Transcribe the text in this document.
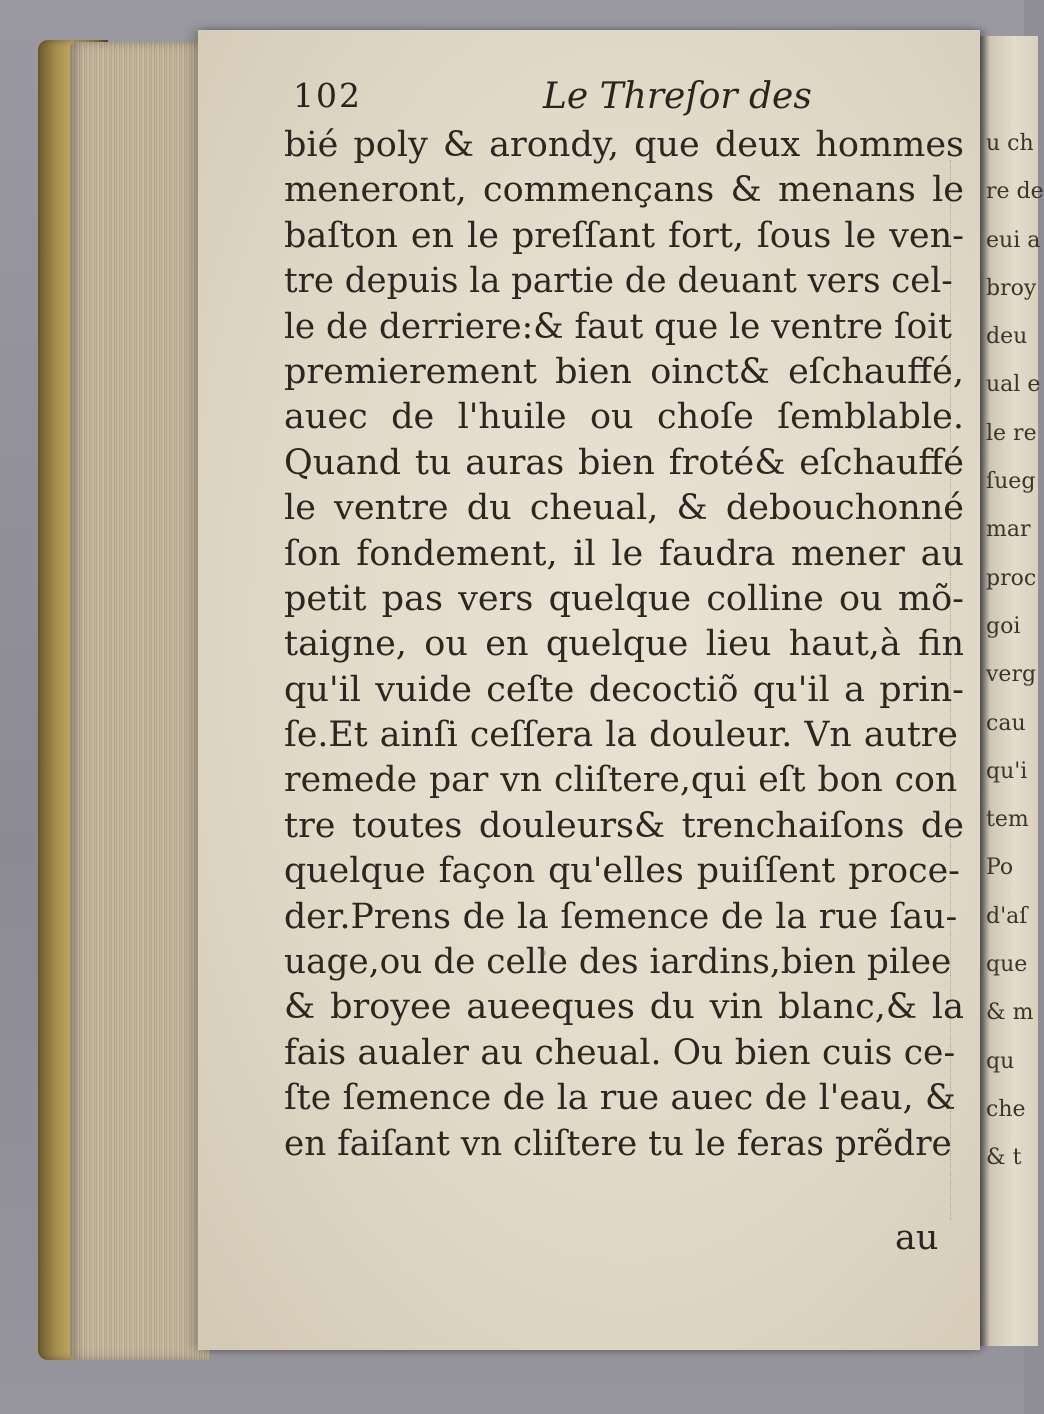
u ch
re de
eui a
broy
deu
ual e
le re
ſueg
mar
proc
goi
verg
cau
qu'i
tem
Po
d'aſ
que
& m
qu
che
& t
102	Le Threſor des
bié poly & arondy, que deux hommes
meneront, commençans & menans le
baſton en le preſſant fort, ſous le ven-
tre depuis la partie de deuant vers cel-
le de derriere:& faut que le ventre ſoit
premierement bien oinct& eſchauffé,
auec de l'huile ou choſe ſemblable.
Quand tu auras bien froté& eſchauffé
le ventre du cheual, & debouchonné
ſon fondement, il le faudra mener au
petit pas vers quelque colline ou mõ-
taigne, ou en quelque lieu haut,à fin
qu'il vuide ceſte decoctiõ qu'il a prin-
ſe.Et ainſi ceſſera la douleur. Vn autre
remede par vn cliſtere,qui eſt bon con
tre toutes douleurs& trenchaiſons de
quelque façon qu'elles puiſſent proce-
der.Prens de la ſemence de la rue ſau-
uage,ou de celle des iardins,bien pilee
& broyee aueeques du vin blanc,& la
fais aualer au cheual. Ou bien cuis ce-
ſte ſemence de la rue auec de l'eau, &
en faiſant vn cliſtere tu le feras prẽdre
au
